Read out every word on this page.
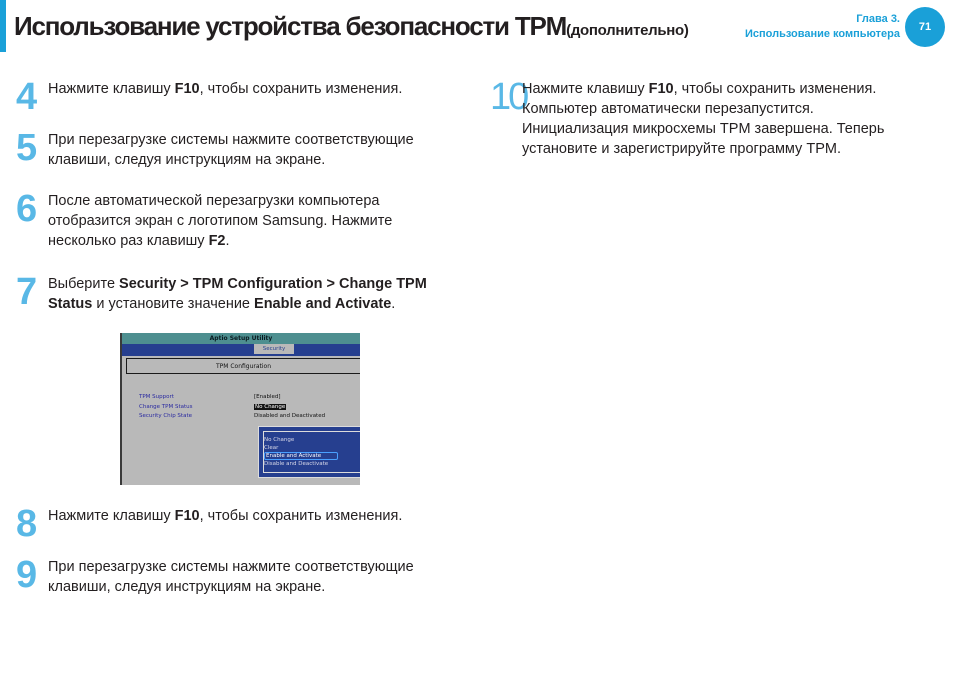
Использование устройства безопасности TPM(дополнительно)
Глава 3.
Использование компьютера
71
4 Нажмите клавишу F10, чтобы сохранить изменения.
5 При перезагрузке системы нажмите соответствующие
клавиши, следуя инструкциям на экране.
6 После автоматической перезагрузки компьютера
отобразится экран с логотипом Samsung. Нажмите
несколько раз клавишу F2.
7 Выберите Security > TPM Configuration > Change TPM
Status и установите значение Enable and Activate.
Aptio Setup Utility
Security
TPM Configuration
TPM Support	[Enabled]
Change TPM Status	No Change
Security Chip State	Disabled and Deactivated
No Change
Clear
Enable and Activate
Disable and Deactivate
8 Нажмите клавишу F10, чтобы сохранить изменения.
9 При перезагрузке системы нажмите соответствующие
клавиши, следуя инструкциям на экране.
10
Нажмите клавишу F10, чтобы сохранить изменения.
Компьютер автоматически перезапустится.
Инициализация микросхемы TPM завершена. Теперь
установите и зарегистрируйте программу TPM.
